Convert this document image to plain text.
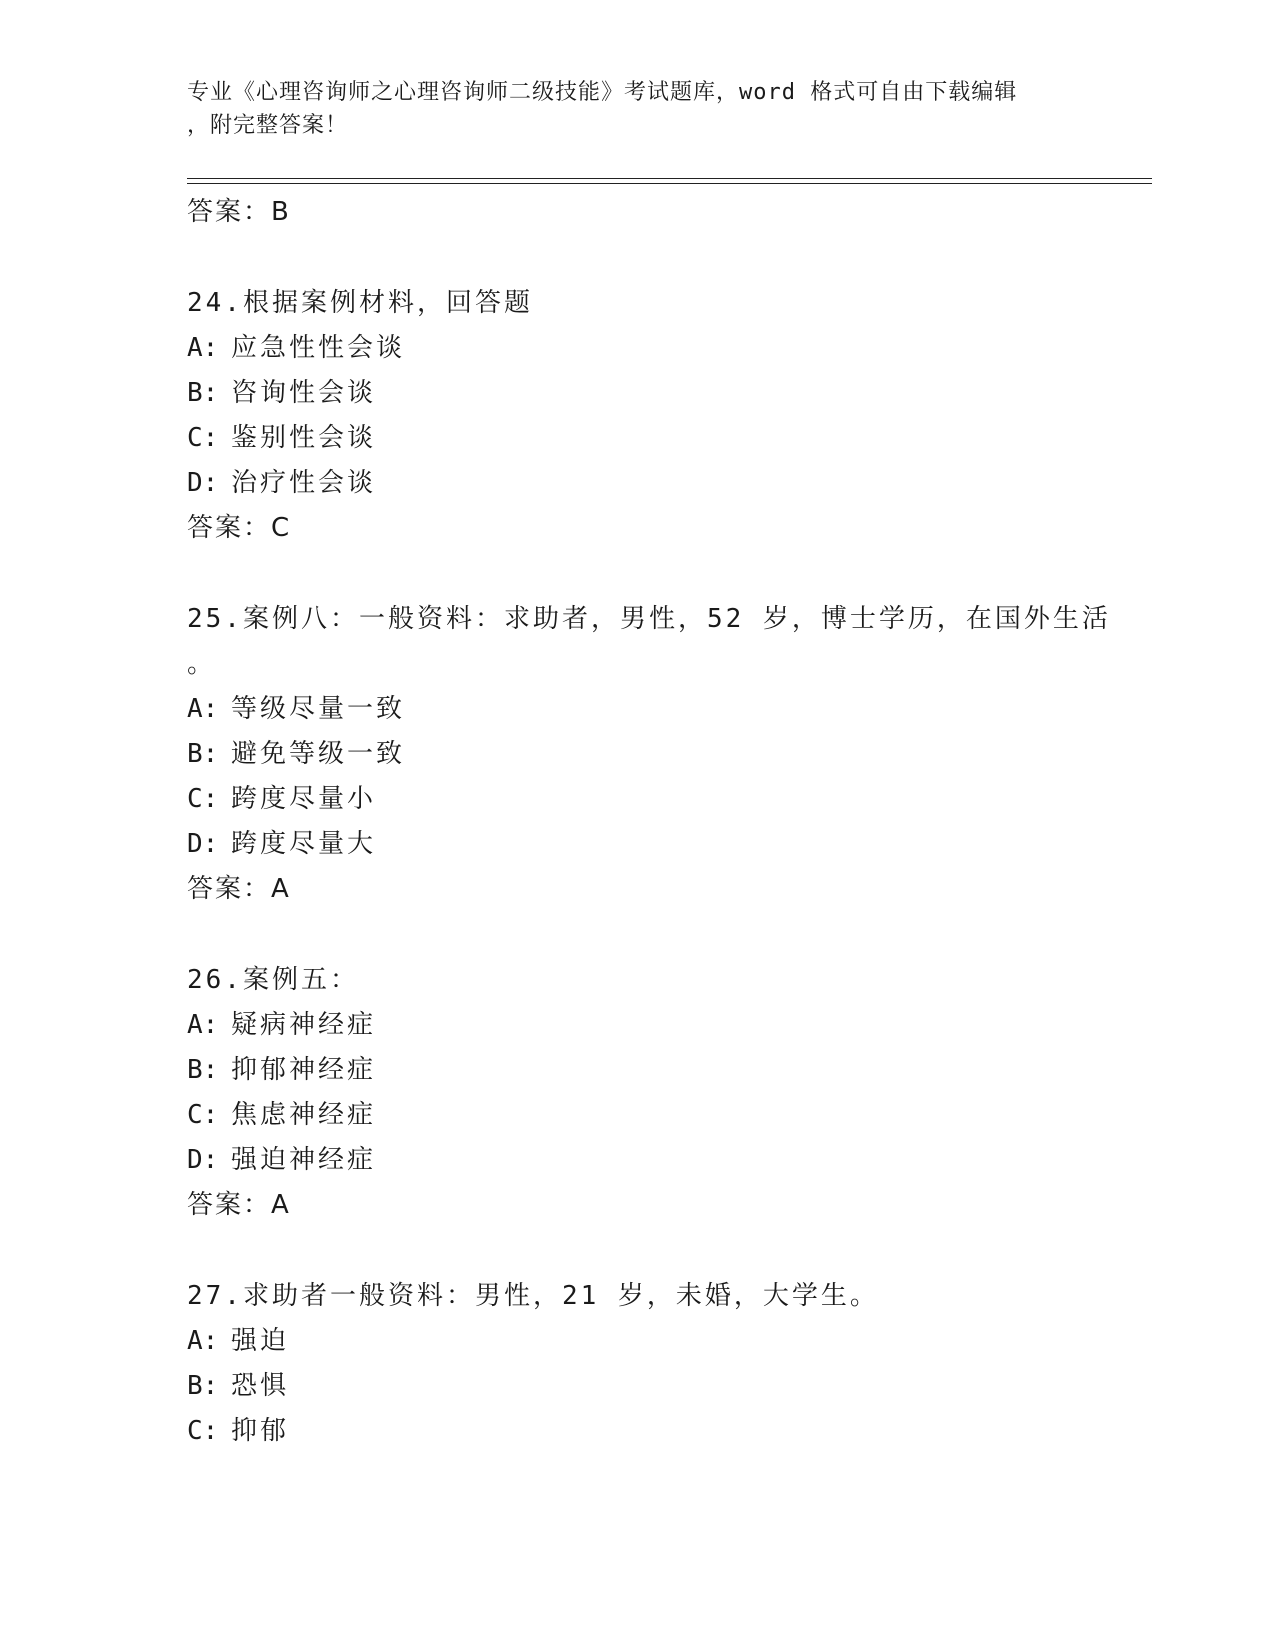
专业《心理咨询师之心理咨询师二级技能》考试题库，word 格式可自由下载编辑
，附完整答案！
答案：B
24.根据案例材料，回答题
A: 应急性性会谈
B: 咨询性会谈
C: 鉴别性会谈
D: 治疗性会谈
答案：C
25.案例八：一般资料：求助者，男性，52 岁，博士学历，在国外生活
。
A: 等级尽量一致
B: 避免等级一致
C: 跨度尽量小
D: 跨度尽量大
答案：A
26.案例五：
A: 疑病神经症
B: 抑郁神经症
C: 焦虑神经症
D: 强迫神经症
答案：A
27.求助者一般资料：男性，21 岁，未婚，大学生。
A: 强迫
B: 恐惧
C: 抑郁
